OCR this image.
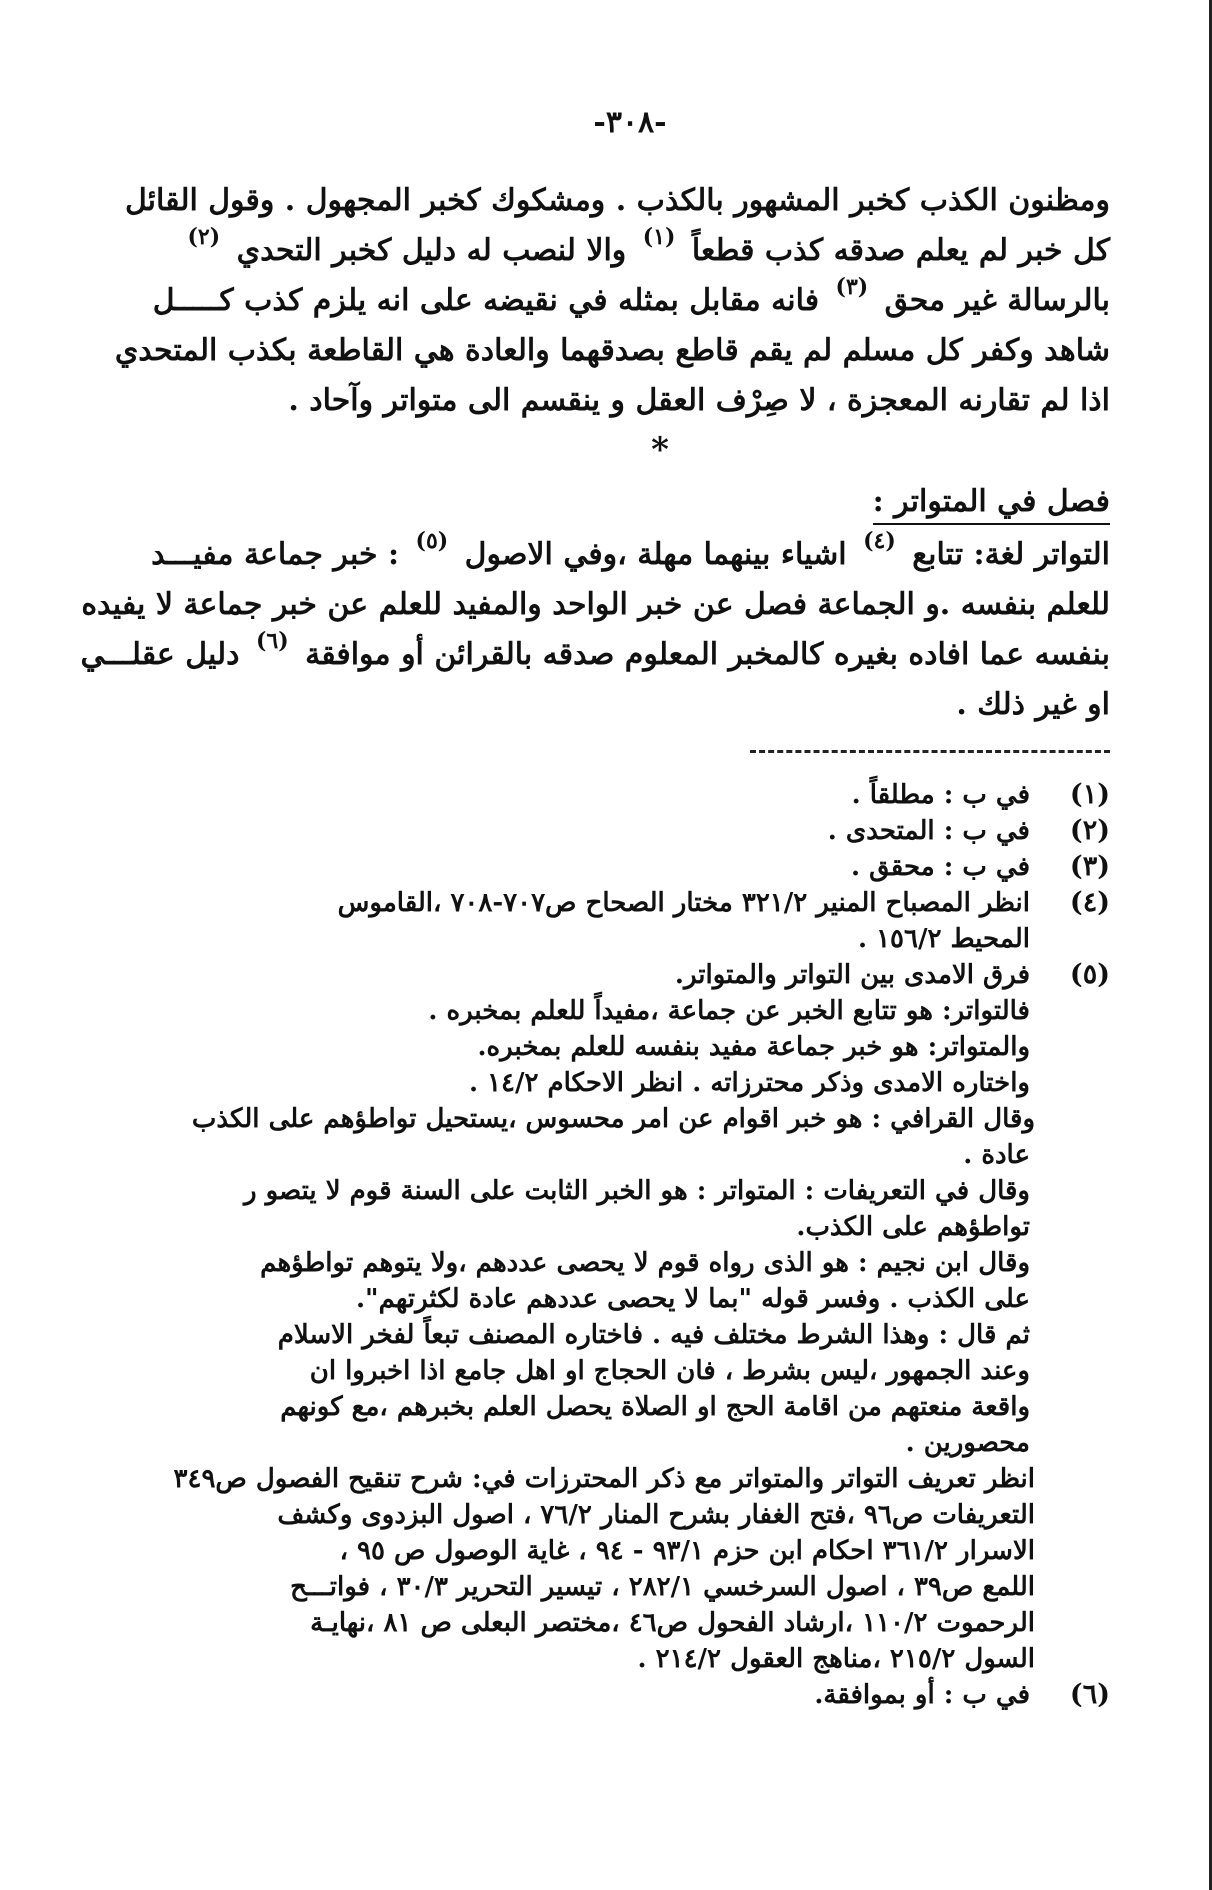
-٣٠٨-
ومظنون الكذب كخبر المشهور بالكذب . ومشكوك كخبر المجهول . وقول القائل
كل خبر لم يعلم صدقه كذب قطعاً (١) والا لنصب له دليل كخبر التحدي (٢)
بالرسالة غير محق (٣) فانه مقابل بمثله في نقيضه على انه يلزم كذب كـــــل
شاهد وكفر كل مسلم لم يقم قاطع بصدقهما والعادة هي القاطعة بكذب المتحدي
اذا لم تقارنه المعجزة ، لا صِرْف العقل و ينقسم الى متواتر وآحاد .
*
فصل في المتواتر :
التواتر لغة: تتابع (٤) اشياء بينهما مهلة ،وفي الاصول (٥) : خبر جماعة مفيـــد
للعلم بنفسه .و الجماعة فصل عن خبر الواحد والمفيد للعلم عن خبر جماعة لا يفيده
بنفسه عما افاده بغيره كالمخبر المعلوم صدقه بالقرائن أو موافقة (٦) دليل عقلـــي
او غير ذلك .
(١)
في ب : مطلقاً .
(٢)
في ب : المتحدى .
(٣)
في ب : محقق .
(٤)
انظر المصباح المنير ٣٢١/٢ مختار الصحاح ص٧٠٧-٧٠٨ ،القاموس
المحيط ١٥٦/٢ .
(٥)
فرق الامدى بين التواتر والمتواتر.
فالتواتر: هو تتابع الخبر عن جماعة ،مفيداً للعلم بمخبره .
والمتواتر: هو خبر جماعة مفيد بنفسه للعلم بمخبره.
واختاره الامدى وذكر محترزاته . انظر الاحكام ١٤/٢ .
وقال القرافي : هو خبر اقوام عن امر محسوس ،يستحيل تواطؤهم على الكذب
عادة .
وقال في التعريفات : المتواتر : هو الخبر الثابت على السنة قوم لا يتصو ر
تواطؤهم على الكذب.
وقال ابن نجيم : هو الذى رواه قوم لا يحصى عددهم ،ولا يتوهم تواطؤهم
على الكذب . وفسر قوله "بما لا يحصى عددهم عادة لكثرتهم".
ثم قال : وهذا الشرط مختلف فيه . فاختاره المصنف تبعاً لفخر الاسلام
وعند الجمهور ،ليس بشرط ، فان الحجاج او اهل جامع اذا اخبروا ان
واقعة منعتهم من اقامة الحج او الصلاة يحصل العلم بخبرهم ،مع كونهم
محصورين .
انظر تعريف التواتر والمتواتر مع ذكر المحترزات في: شرح تنقيح الفصول ص٣٤٩
التعريفات ص٩٦ ،فتح الغفار بشرح المنار ٧٦/٢ ، اصول البزدوى وكشف
الاسرار ٣٦١/٢ احكام ابن حزم ٩٣/١ - ٩٤ ، غاية الوصول ص ٩٥ ،
اللمع ص٣٩ ، اصول السرخسي ٢٨٢/١ ، تيسير التحرير ٣٠/٣ ، فواتـــح
الرحموت ١١٠/٢ ،ارشاد الفحول ص٤٦ ،مختصر البعلى ص ٨١ ،نهايـة
السول ٢١٥/٢ ،مناهج العقول ٢١٤/٢ .
(٦)
في ب : أو بموافقة.
